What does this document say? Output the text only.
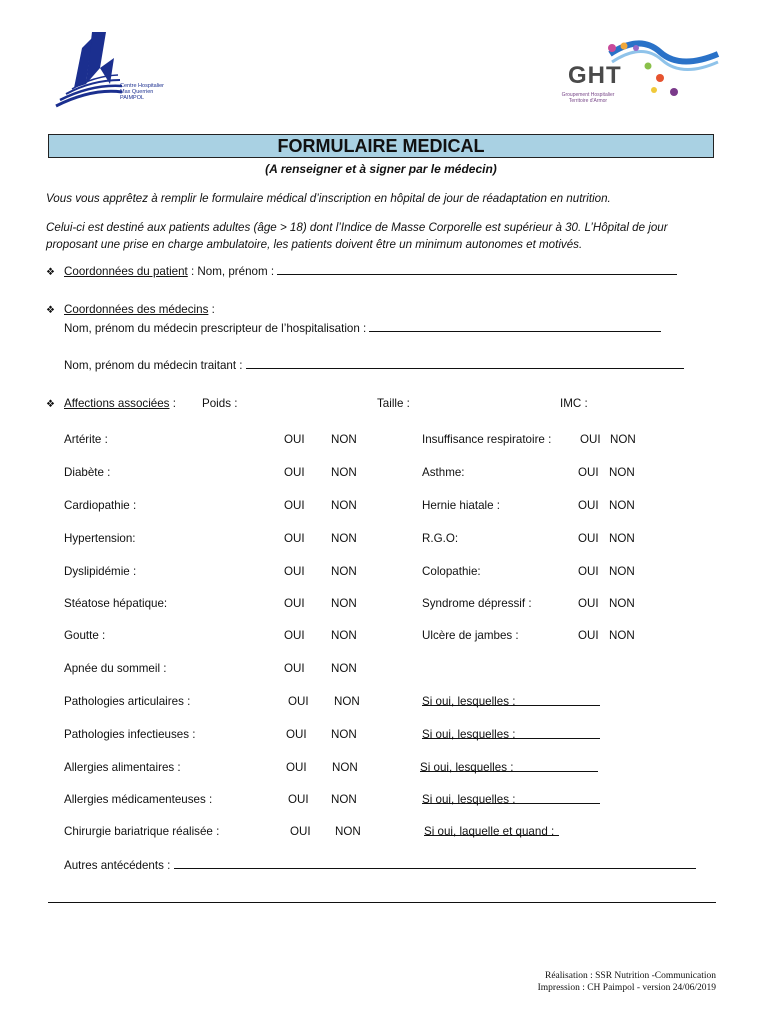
Centre Hospitalier
Max Querrien
PAIMPOL
GHT
Groupement Hospitalier
Territoire d'Armor
FORMULAIRE MEDICAL
(A renseigner et à signer par le médecin)
Vous vous apprêtez à remplir le formulaire médical d’inscription en hôpital de jour de réadaptation en nutrition.
Celui-ci est destiné aux patients adultes (âge > 18) dont l’Indice de Masse Corporelle est supérieur à 30. L’Hôpital de jour proposant une prise en charge ambulatoire, les patients doivent être un minimum autonomes et motivés.
❖ Coordonnées du patient : Nom, prénom :
❖ Coordonnées des médecins :
Nom, prénom du médecin prescripteur de l’hospitalisation :
Nom, prénom du médecin traitant :
❖ Affections associées : Poids :	Taille :	IMC :
Artérite :	OUI NON	Insuffisance respiratoire : OUI NON
Diabète :	OUI NON	Asthme:	OUI NON
Cardiopathie :	OUI NON	Hernie hiatale :	OUI NON
Hypertension:	OUI NON	R.G.O:	OUI NON
Dyslipidémie :	OUI NON	Colopathie:	OUI NON
Stéatose hépatique:	OUI NON	Syndrome dépressif :	OUI NON
Goutte :	OUI NON	Ulcère de jambes :	OUI NON
Apnée du sommeil :	OUI NON
Pathologies articulaires :	OUI NON	Si oui, lesquelles :
Pathologies infectieuses :	OUI NON	Si oui, lesquelles :
Allergies alimentaires :	OUI NON	Si oui, lesquelles :
Allergies médicamenteuses :	OUI NON	Si oui, lesquelles :
Chirurgie bariatrique réalisée :	OUI NON	Si oui, laquelle et quand :
Autres antécédents :
Réalisation : SSR Nutrition -Communication
Impression : CH Paimpol - version 24/06/2019
